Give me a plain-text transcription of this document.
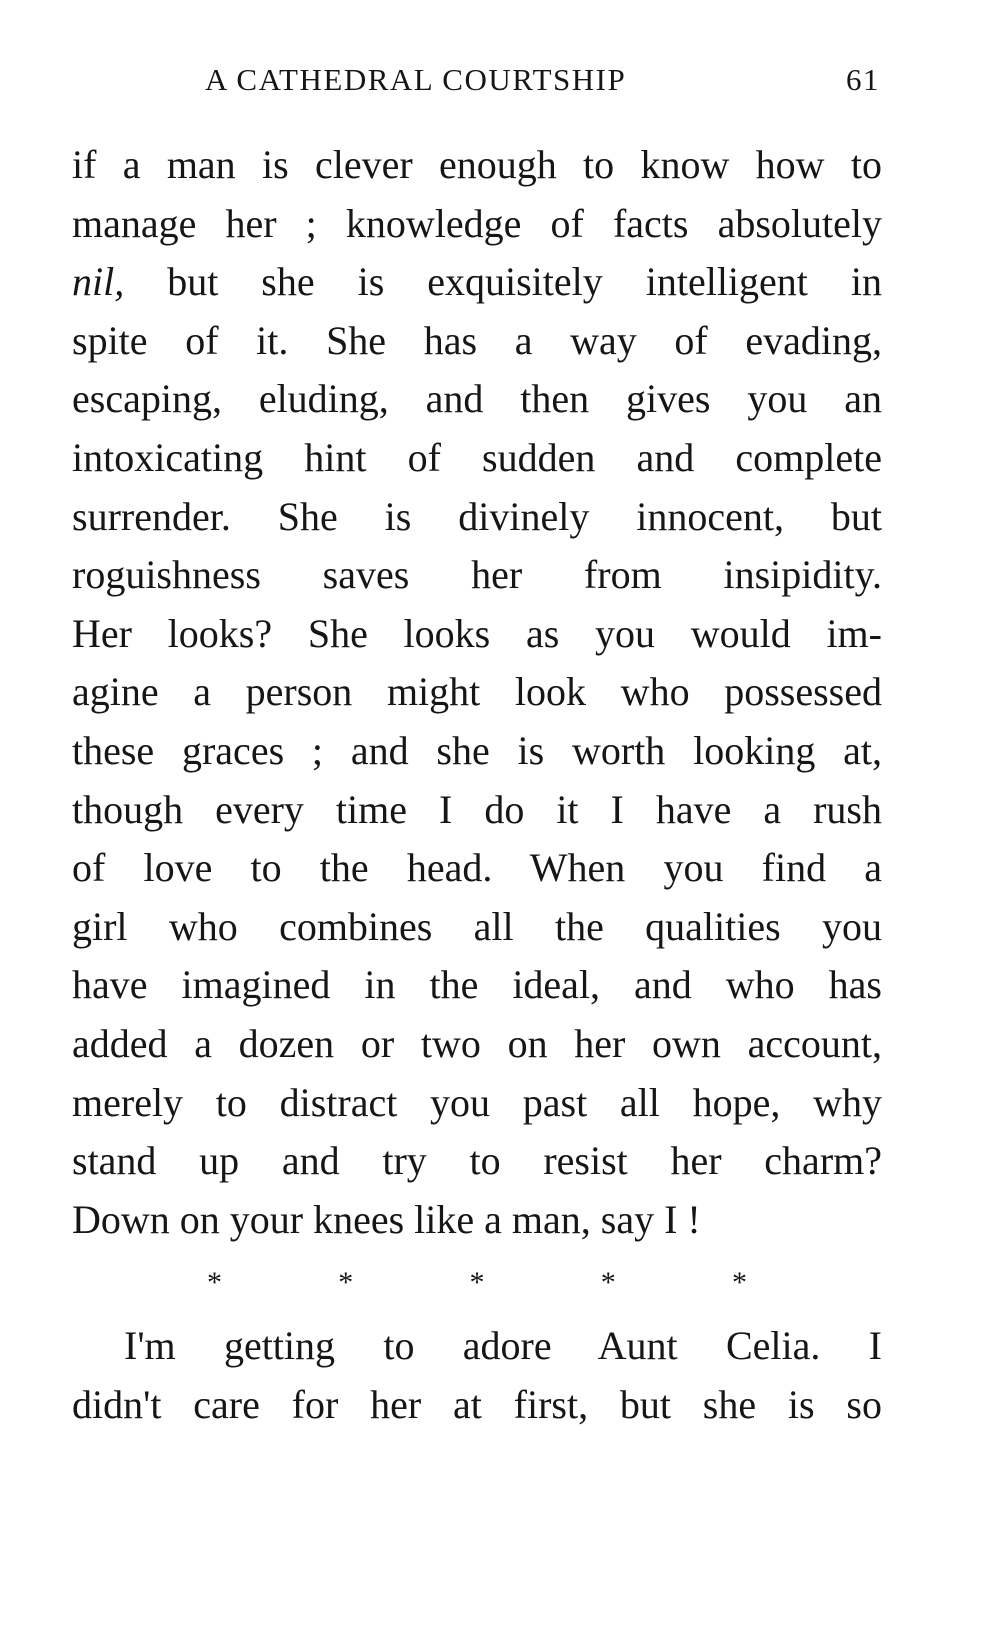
A CATHEDRAL COURTSHIP	61
if a man is clever enough to know how to
manage her ; knowledge of facts absolutely
nil, but she is exquisitely intelligent in
spite of it. She has a way of evading,
escaping, eluding, and then gives you an
intoxicating hint of sudden and complete
surrender. She is divinely innocent, but
roguishness saves her from insipidity.
Her looks? She looks as you would im-
agine a person might look who possessed
these graces ; and she is worth looking at,
though every time I do it I have a rush
of love to the head. When you find a
girl who combines all the qualities you
have imagined in the ideal, and who has
added a dozen or two on her own account,
merely to distract you past all hope, why
stand up and try to resist her charm?
Down on your knees like a man, say I !
*	*	*	*	*
I'm getting to adore Aunt Celia. I
didn't care for her at first, but she is so
